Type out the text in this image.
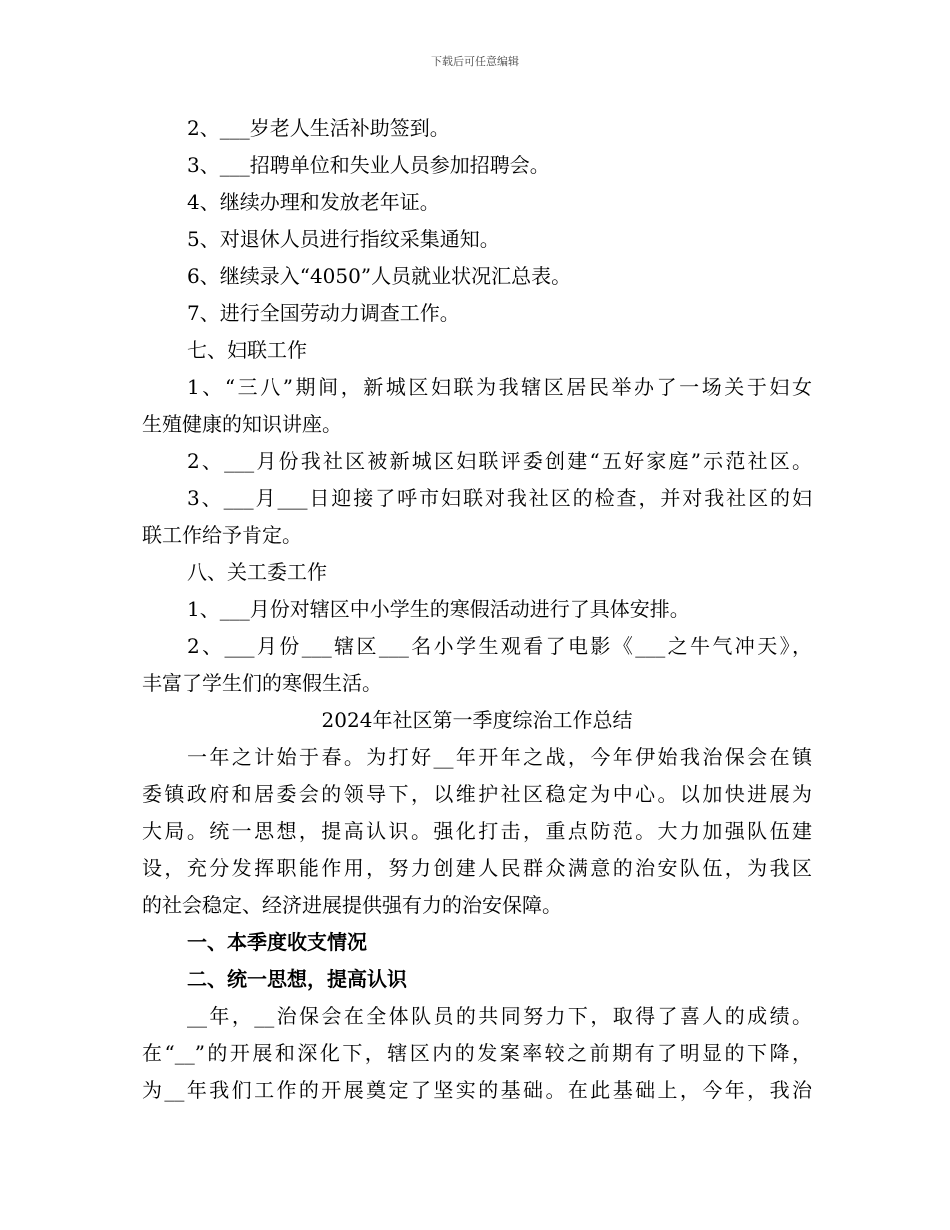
下载后可任意编辑
2、___岁老人生活补助签到。
3、___招聘单位和失业人员参加招聘会。
4、继续办理和发放老年证。
5、对退休人员进行指纹采集通知。
6、继续录入“4050”人员就业状况汇总表。
7、进行全国劳动力调查工作。
七、妇联工作
1、“三八”期间，新城区妇联为我辖区居民举办了一场关于妇女
生殖健康的知识讲座。
2、___月份我社区被新城区妇联评委创建“五好家庭”示范社区。
3、___月___日迎接了呼市妇联对我社区的检查，并对我社区的妇
联工作给予肯定。
八、关工委工作
1、___月份对辖区中小学生的寒假活动进行了具体安排。
2、___月份___辖区___名小学生观看了电影《___之牛气冲天》，
丰富了学生们的寒假生活。
2024年社区第一季度综治工作总结
一年之计始于春。为打好__年开年之战，今年伊始我治保会在镇
委镇政府和居委会的领导下，以维护社区稳定为中心。以加快进展为
大局。统一思想，提高认识。强化打击，重点防范。大力加强队伍建
设，充分发挥职能作用，努力创建人民群众满意的治安队伍，为我区
的社会稳定、经济进展提供强有力的治安保障。
一、本季度收支情况
二、统一思想，提高认识
__年，__治保会在全体队员的共同努力下，取得了喜人的成绩。
在“__”的开展和深化下，辖区内的发案率较之前期有了明显的下降，
为__年我们工作的开展奠定了坚实的基础。在此基础上，今年，我治
